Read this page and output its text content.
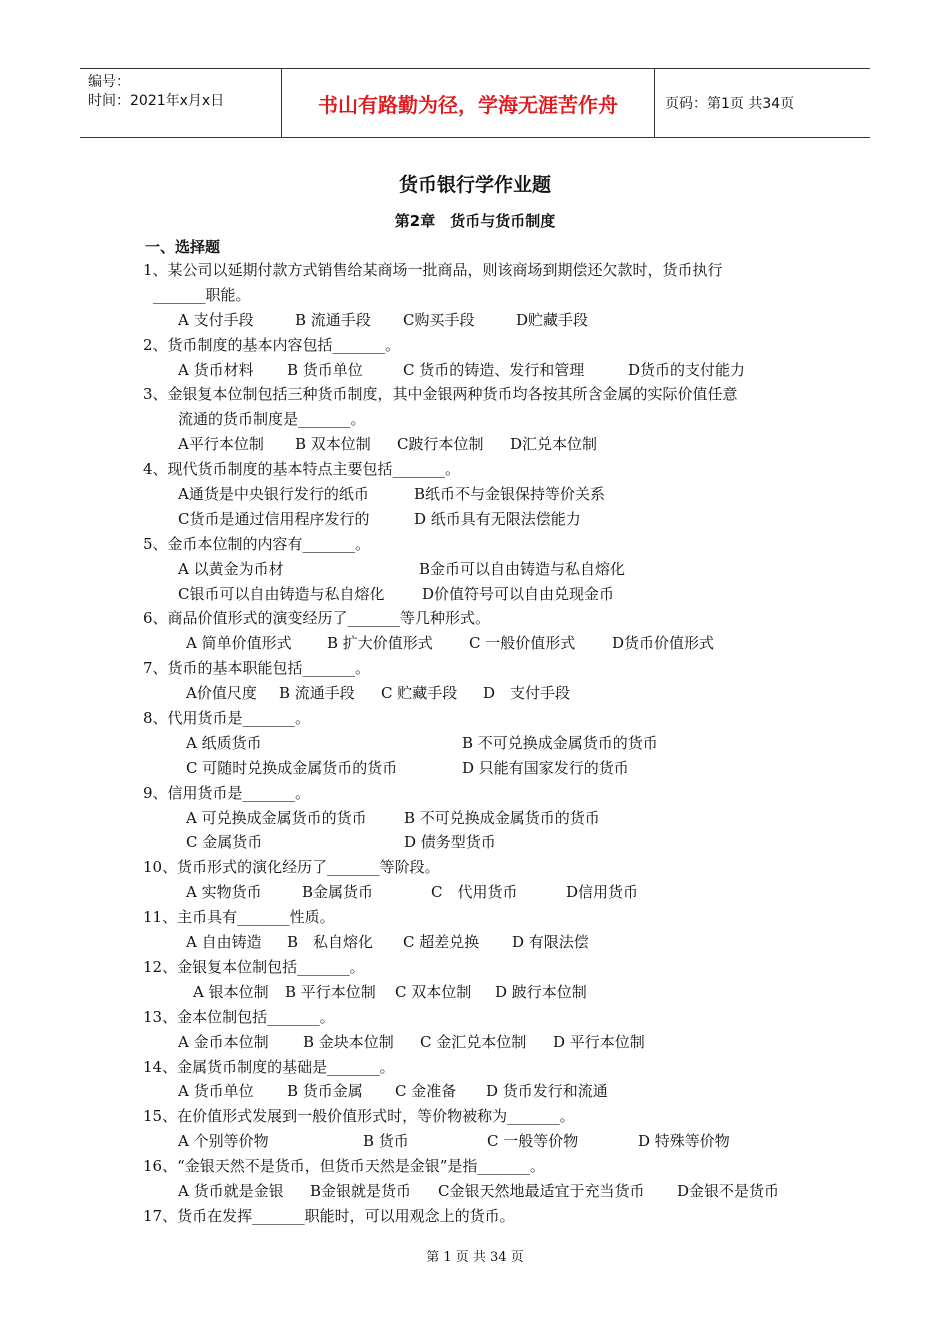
编号：
时间：2021年x月x日	书山有路勤为径，学海无涯苦作舟	页码：第1页 共34页
货币银行学作业题
第2章　货币与货币制度
一、选择题
1、某公司以延期付款方式销售给某商场一批商品，则该商场到期偿还欠款时，货币执行
_______职能。
A 支付手段	B 流通手段 C购买手段	D贮藏手段
2、货币制度的基本内容包括_______。
A 货币材料 B 货币单位	C 货币的铸造、发行和管理	D货币的支付能力
3、金银复本位制包括三种货币制度，其中金银两种货币均各按其所含金属的实际价值任意
流通的货币制度是_______。
A平行本位制 B 双本位制 C跛行本位制 D汇兑本位制
4、现代货币制度的基本特点主要包括_______。
A通货是中央银行发行的纸币	B纸币不与金银保持等价关系
C货币是通过信用程序发行的	D 纸币具有无限法偿能力
5、金币本位制的内容有_______。
A 以黄金为币材	B金币可以自由铸造与私自熔化
C银币可以自由铸造与私自熔化	D价值符号可以自由兑现金币
6、商品价值形式的演变经历了_______等几种形式。
A 简单价值形式 B 扩大价值形式 C 一般价值形式 D货币价值形式
7、货币的基本职能包括_______。
A价值尺度 B 流通手段 C 贮藏手段 D　支付手段
8、代用货币是_______。
A 纸质货币	B 不可兑换成金属货币的货币
C 可随时兑换成金属货币的货币	D 只能有国家发行的货币
9、信用货币是_______。
A 可兑换成金属货币的货币 B 不可兑换成金属货币的货币
C 金属货币	D 债务型货币
10、货币形式的演化经历了_______等阶段。
A 实物货币	B金属货币	C　代用货币	D信用货币
11、主币具有_______性质。
A 自由铸造 B　私自熔化 C 超差兑换 D 有限法偿
12、金银复本位制包括_______。
A 银本位制 B 平行本位制 C 双本位制 D 跛行本位制
13、金本位制包括_______。
A 金币本位制 B 金块本位制 C 金汇兑本位制 D 平行本位制
14、金属货币制度的基础是_______。
A 货币单位 B 货币金属 C 金准备 D 货币发行和流通
15、在价值形式发展到一般价值形式时，等价物被称为_______。
A 个别等价物	B 货币	C 一般等价物	D 特殊等价物
16、“金银天然不是货币，但货币天然是金银”是指_______。
A 货币就是金银 B金银就是货币 C金银天然地最适宜于充当货币 D金银不是货币
17、货币在发挥_______职能时，可以用观念上的货币。
第 1 页 共 34 页
